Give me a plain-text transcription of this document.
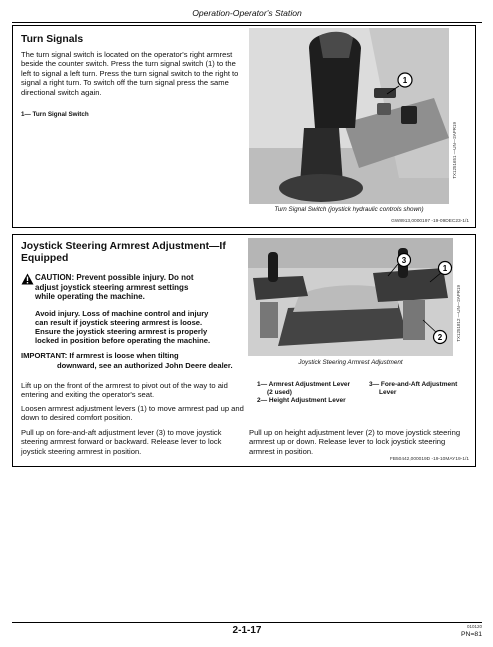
Operation-Operator's Station

Turn Signals

The turn signal switch is located on the operator's right armrest beside the counter switch. Press the turn signal switch (1) to the left to signal a left turn. Press the turn signal switch to the right to signal a right turn. To switch off the turn signal press the same directional switch again.

1— Turn Signal Switch

1
TX1251651 —UN—2APR19
Turn Signal Switch (joystick hydraulic controls shown)
GW8913,0000197 -19-09DEC23-1/1

Joystick Steering Armrest Adjustment—If

Equipped

CAUTION: Prevent possible injury. Do not
adjust joystick steering armrest settings
while operating the machine.

Avoid injury. Loss of machine control and injury

can result if joystick steering armrest is loose.

Ensure the joystick steering armrest is properly

locked in position before operating the machine.

IMPORTANT: If armrest is loose when tilting

downward, see an authorized John Deere dealer.

3
1
2	TX1251812 —UN—2APR19
Joystick Steering Armrest Adjustment
1— Armrest Adjustment Lever
(2 used)
2— Height Adjustment Lever
3— Fore-and-Aft Adjustment
Lever

Lift up on the front of the armrest to pivot out of the way to aid entering and exiting the operator's seat.

Loosen armrest adjustment levers (1) to move armrest pad up and down to desired comfort position.

Pull up on fore-and-aft adjustment lever (3) to move joystick steering armrest forward or backward. Release lever to lock joystick steering armrest in position.

Pull up on height adjustment lever (2) to move joystick steering armrest up or down. Release lever to lock joystick steering armrest in position.

FB50442,000019D -19-10MAY19-1/1
2-1-17	010120
PN=81
